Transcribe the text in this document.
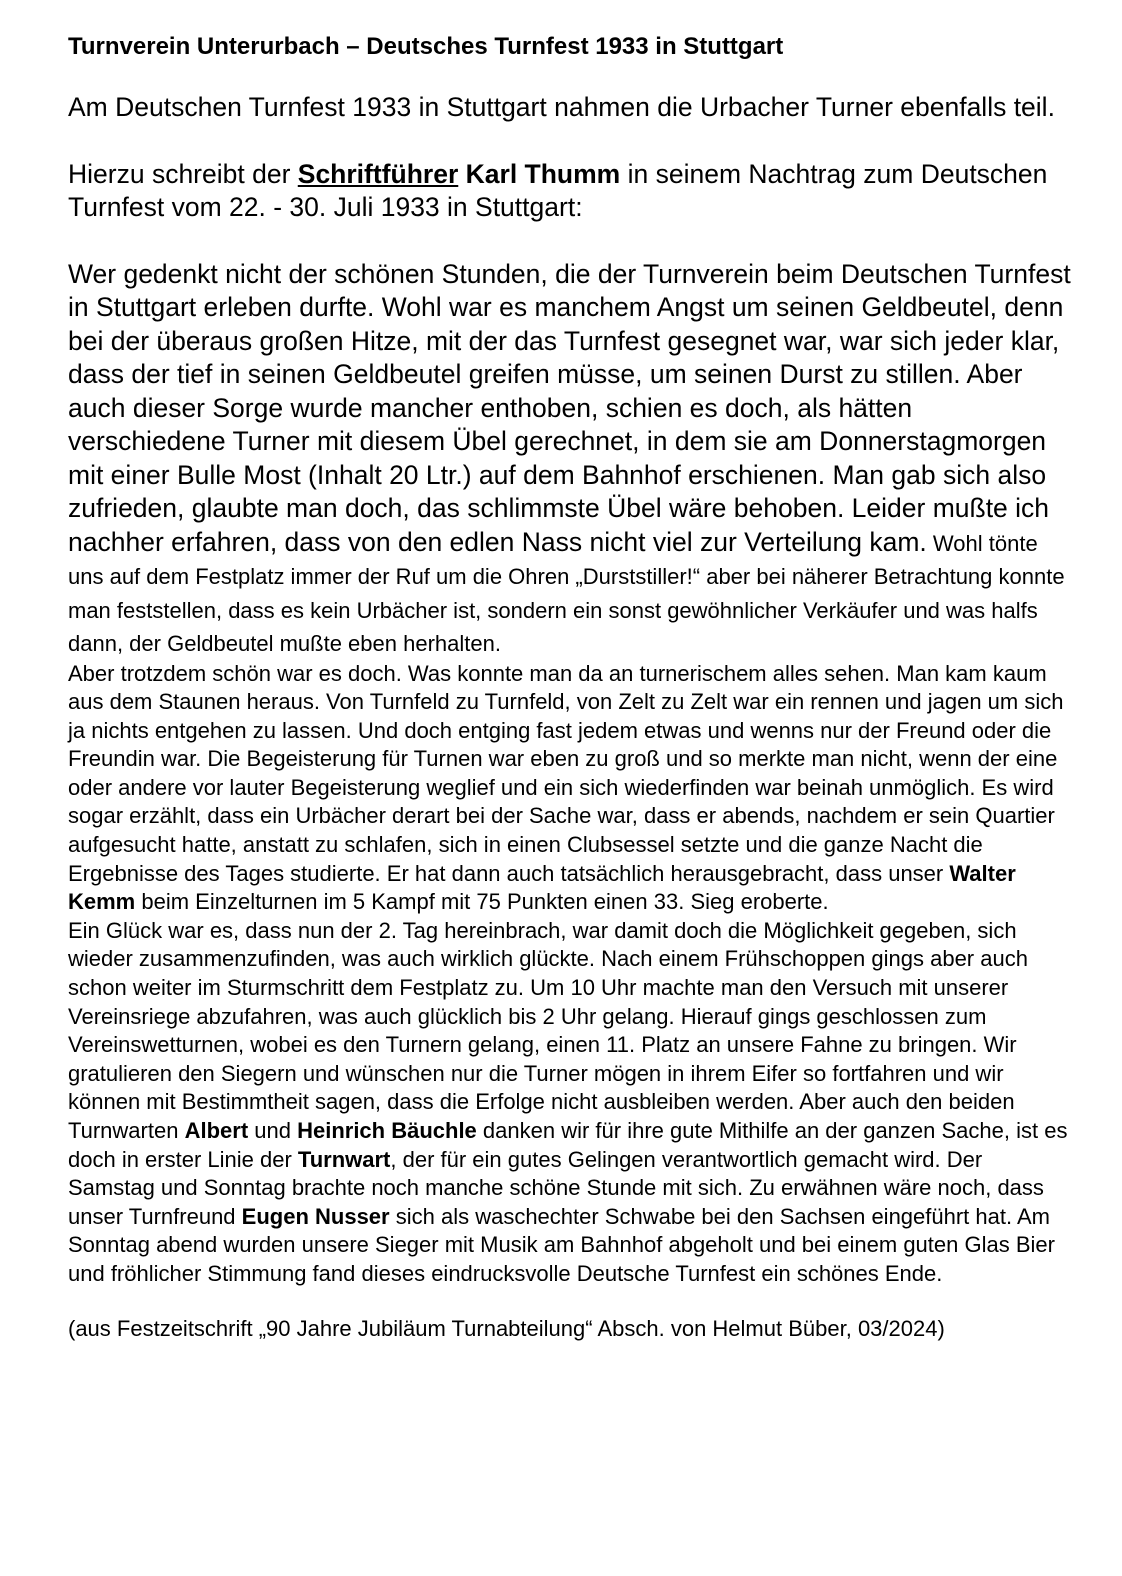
Turnverein Unterurbach – Deutsches Turnfest 1933 in Stuttgart

Am Deutschen Turnfest 1933 in Stuttgart nahmen die Urbacher Turner ebenfalls teil.

Hierzu schreibt der Schriftführer Karl Thumm in seinem Nachtrag zum Deutschen Turnfest vom 22. - 30. Juli 1933 in Stuttgart:

Wer gedenkt nicht der schönen Stunden, die der Turnverein beim Deutschen Turnfest in Stuttgart erleben durfte. Wohl war es manchem Angst um seinen Geldbeutel, denn bei der überaus großen Hitze, mit der das Turnfest gesegnet war, war sich jeder klar, dass der tief in seinen Geldbeutel greifen müsse, um seinen Durst zu stillen. Aber auch dieser Sorge wurde mancher enthoben, schien es doch, als hätten verschiedene Turner mit diesem Übel gerechnet, in dem sie am Donnerstagmorgen mit einer Bulle Most (Inhalt 20 Ltr.) auf dem Bahnhof erschienen. Man gab sich also zufrieden, glaubte man doch, das schlimmste Übel wäre behoben. Leider mußte ich nachher erfahren, dass von den edlen Nass nicht viel zur Verteilung kam. Wohl tönte uns auf dem Festplatz immer der Ruf um die Ohren „Durststiller!“ aber bei näherer Betrachtung konnte man feststellen, dass es kein Urbächer ist, sondern ein sonst gewöhnlicher Verkäufer und was halfs dann, der Geldbeutel mußte eben herhalten.

Aber trotzdem schön war es doch. Was konnte man da an turnerischem alles sehen. Man kam kaum aus dem Staunen heraus. Von Turnfeld zu Turnfeld, von Zelt zu Zelt war ein rennen und jagen um sich ja nichts entgehen zu lassen. Und doch entging fast jedem etwas und wenns nur der Freund oder die Freundin war. Die Begeisterung für Turnen war eben zu groß und so merkte man nicht, wenn der eine oder andere vor lauter Begeisterung weglief und ein sich wiederfinden war beinah unmöglich. Es wird sogar erzählt, dass ein Urbächer derart bei der Sache war, dass er abends, nachdem er sein Quartier aufgesucht hatte, anstatt zu schlafen, sich in einen Clubsessel setzte und die ganze Nacht die Ergebnisse des Tages studierte. Er hat dann auch tatsächlich herausgebracht, dass unser Walter Kemm beim Einzelturnen im 5 Kampf mit 75 Punkten einen 33. Sieg eroberte.

Ein Glück war es, dass nun der 2. Tag hereinbrach, war damit doch die Möglichkeit gegeben, sich wieder zusammenzufinden, was auch wirklich glückte. Nach einem Frühschoppen gings aber auch schon weiter im Sturmschritt dem Festplatz zu. Um 10 Uhr machte man den Versuch mit unserer Vereinsriege abzufahren, was auch glücklich bis 2 Uhr gelang. Hierauf gings geschlossen zum Vereinswetturnen, wobei es den Turnern gelang, einen 11. Platz an unsere Fahne zu bringen. Wir gratulieren den Siegern und wünschen nur die Turner mögen in ihrem Eifer so fortfahren und wir können mit Bestimmtheit sagen, dass die Erfolge nicht ausbleiben werden. Aber auch den beiden Turnwarten Albert und Heinrich Bäuchle danken wir für ihre gute Mithilfe an der ganzen Sache, ist es doch in erster Linie der Turnwart, der für ein gutes Gelingen verantwortlich gemacht wird. Der Samstag und Sonntag brachte noch manche schöne Stunde mit sich. Zu erwähnen wäre noch, dass unser Turnfreund Eugen Nusser sich als waschechter Schwabe bei den Sachsen eingeführt hat. Am Sonntag abend wurden unsere Sieger mit Musik am Bahnhof abgeholt und bei einem guten Glas Bier und fröhlicher Stimmung fand dieses eindrucksvolle Deutsche Turnfest ein schönes Ende.

(aus Festzeitschrift „90 Jahre Jubiläum Turnabteilung“ Absch. von Helmut Büber, 03/2024)
